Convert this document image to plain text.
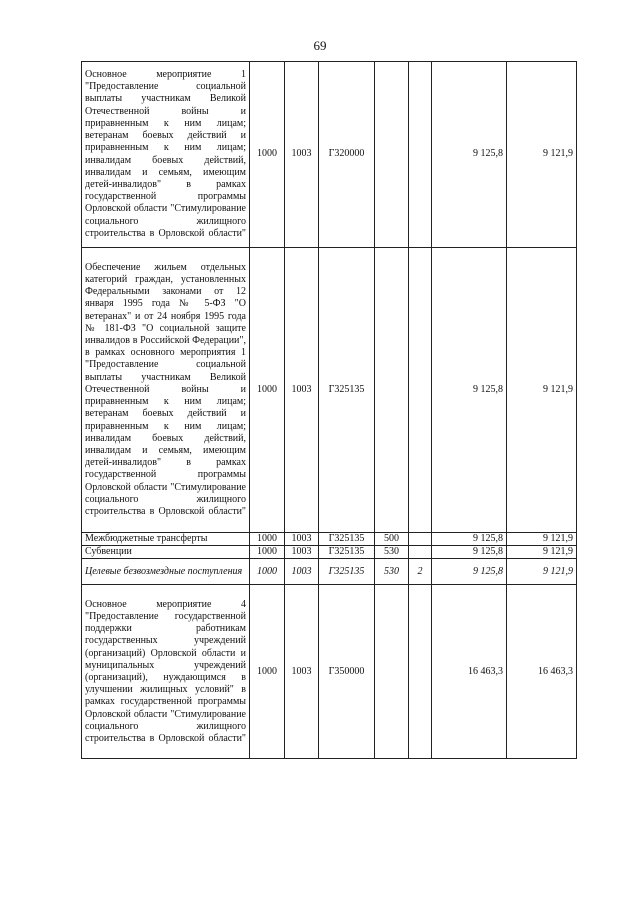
69
Основное мероприятие 1 "Предоставление социальной выплаты участникам Великой Отечественной войны и приравненным к ним лицам; ветеранам боевых действий и приравненным к ним лицам; инвалидам боевых действий, инвалидам и семьям, имеющим детей-инвалидов" в рамках государственной программы Орловской области "Стимулирование социального жилищного строительства в Орловской области"	1000	1003	Г320000			9 125,8	9 121,9
Обеспечение жильем отдельных категорий граждан, установленных Федеральными законами от 12 января 1995 года № 5-ФЗ "О ветеранах" и от 24 ноября 1995 года № 181-ФЗ "О социальной защите инвалидов в Российской Федерации", в рамках основного мероприятия 1 "Предоставление социальной выплаты участникам Великой Отечественной войны и приравненным к ним лицам; ветеранам боевых действий и приравненным к ним лицам; инвалидам боевых действий, инвалидам и семьям, имеющим детей-инвалидов" в рамках государственной программы Орловской области "Стимулирование социального жилищного строительства в Орловской области"	1000	1003	Г325135			9 125,8	9 121,9
Межбюджетные трансферты	1000	1003	Г325135	500		9 125,8	9 121,9
Субвенции	1000	1003	Г325135	530		9 125,8	9 121,9
Целевые безвозмездные поступления	1000	1003	Г325135	530	2	9 125,8	9 121,9
Основное мероприятие 4 "Предоставление государственной поддержки работникам государственных учреждений (организаций) Орловской области и муниципальных учреждений (организаций), нуждающимся в улучшении жилищных условий" в рамках государственной программы Орловской области "Стимулирование социального жилищного строительства в Орловской области"	1000	1003	Г350000			16 463,3	16 463,3
